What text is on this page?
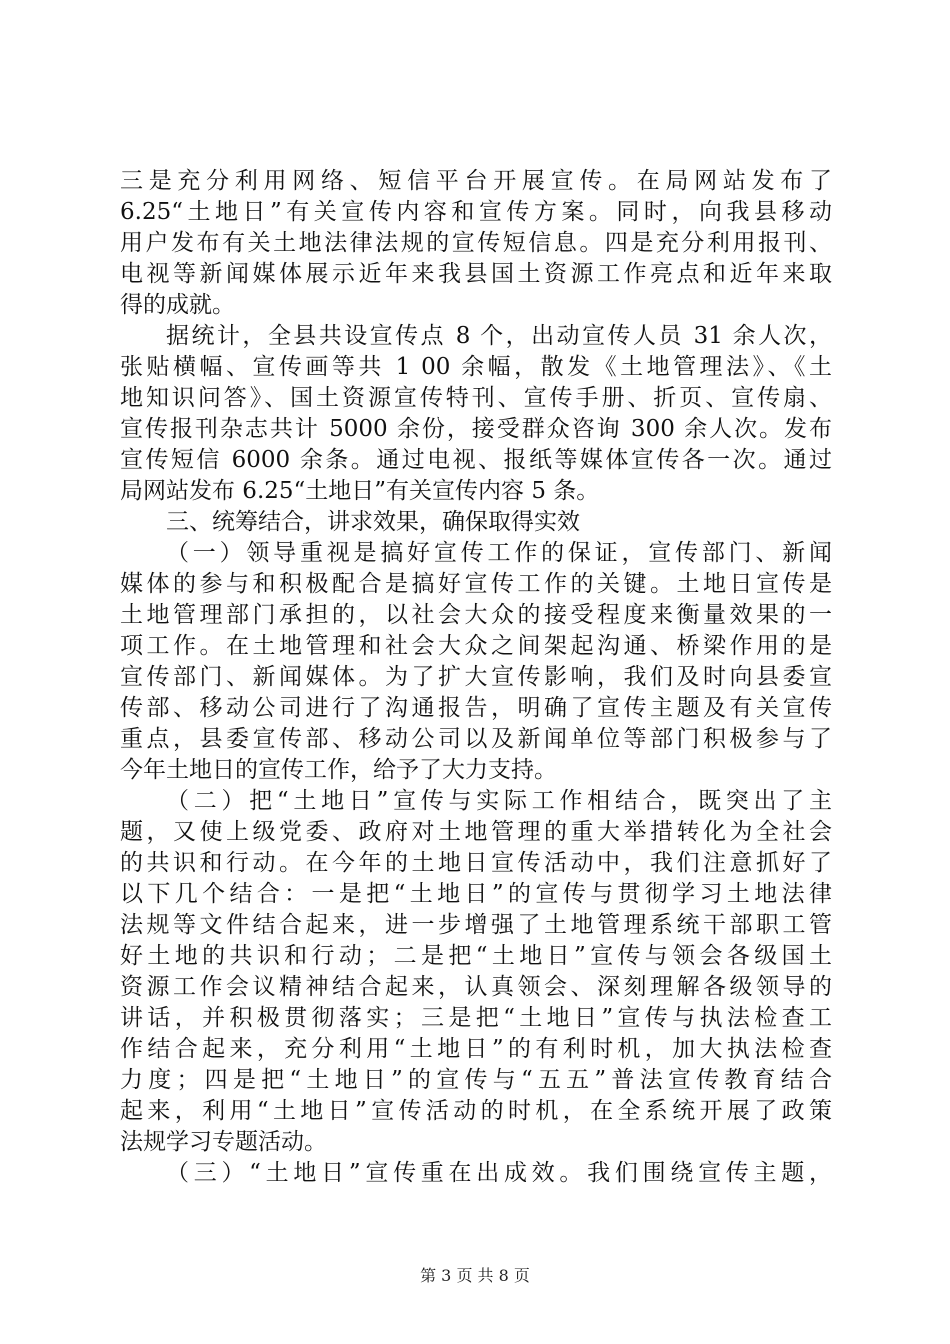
三是充分利用网络、短信平台开展宣传。在局网站发布了
6.25“土地日”有关宣传内容和宣传方案。同时，向我县移动
用户发布有关土地法律法规的宣传短信息。四是充分利用报刊、
电视等新闻媒体展示近年来我县国土资源工作亮点和近年来取
得的成就。
据统计，全县共设宣传点 8 个，出动宣传人员 31 余人次，
张贴横幅、宣传画等共 1 00 余幅，散发《土地管理法》、《土
地知识问答》、国土资源宣传特刊、宣传手册、折页、宣传扇、
宣传报刊杂志共计 5000 余份，接受群众咨询 300 余人次。发布
宣传短信 6000 余条。通过电视、报纸等媒体宣传各一次。通过
局网站发布 6.25“土地日”有关宣传内容 5 条。
三、统筹结合，讲求效果，确保取得实效
（一）领导重视是搞好宣传工作的保证，宣传部门、新闻
媒体的参与和积极配合是搞好宣传工作的关键。土地日宣传是
土地管理部门承担的，以社会大众的接受程度来衡量效果的一
项工作。在土地管理和社会大众之间架起沟通、桥梁作用的是
宣传部门、新闻媒体。为了扩大宣传影响，我们及时向县委宣
传部、移动公司进行了沟通报告，明确了宣传主题及有关宣传
重点，县委宣传部、移动公司以及新闻单位等部门积极参与了
今年土地日的宣传工作，给予了大力支持。
（二）把“土地日”宣传与实际工作相结合，既突出了主
题，又使上级党委、政府对土地管理的重大举措转化为全社会
的共识和行动。在今年的土地日宣传活动中，我们注意抓好了
以下几个结合：一是把“土地日”的宣传与贯彻学习土地法律
法规等文件结合起来，进一步增强了土地管理系统干部职工管
好土地的共识和行动；二是把“土地日”宣传与领会各级国土
资源工作会议精神结合起来，认真领会、深刻理解各级领导的
讲话，并积极贯彻落实；三是把“土地日”宣传与执法检查工
作结合起来，充分利用“土地日”的有利时机，加大执法检查
力度；四是把“土地日”的宣传与“五五”普法宣传教育结合
起来，利用“土地日”宣传活动的时机，在全系统开展了政策
法规学习专题活动。
（三）“土地日”宣传重在出成效。我们围绕宣传主题，
第 3 页 共 8 页
